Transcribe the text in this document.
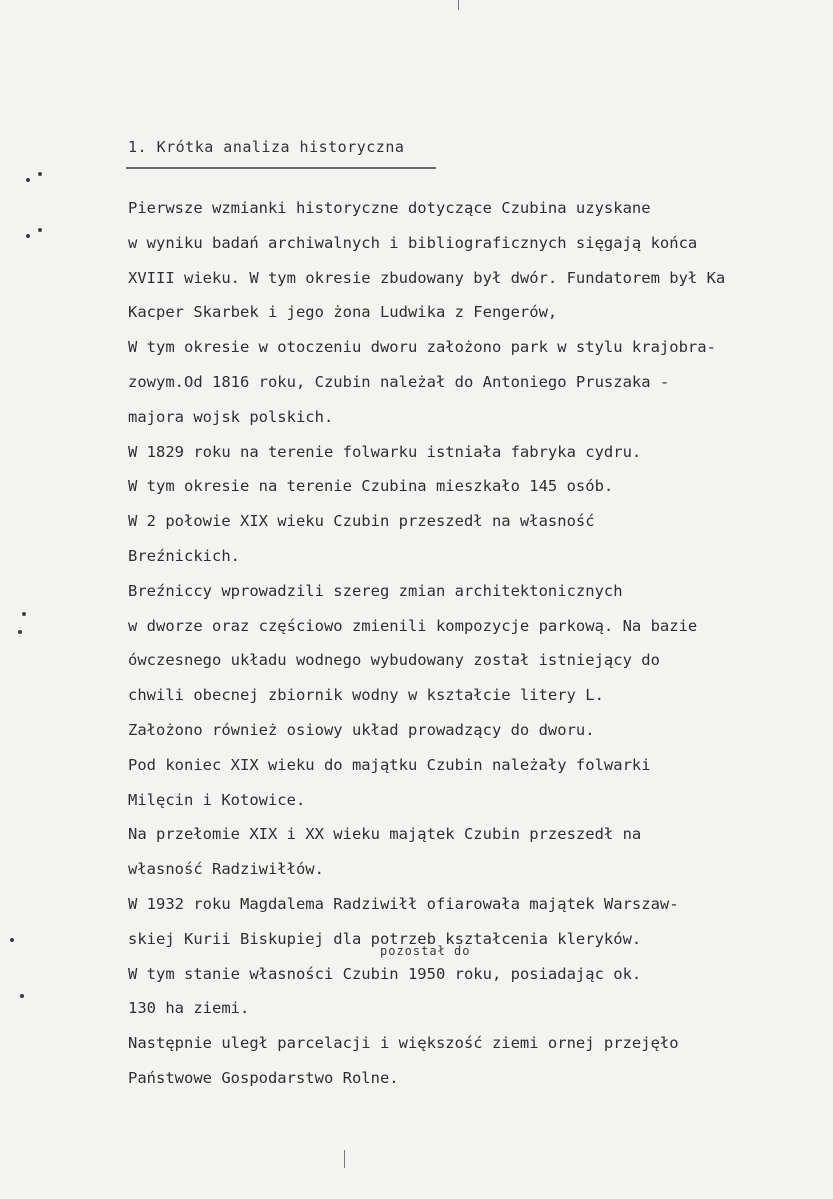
1. Krótka analiza historyczna
Pierwsze wzmianki historyczne dotyczące Czubina uzyskane
w wyniku badań archiwalnych i bibliograficznych sięgają końca
XVIII wieku. W tym okresie zbudowany był dwór. Fundatorem był Ka
Kacper Skarbek i jego żona Ludwika z Fengerów,
W tym okresie w otoczeniu dworu założono park w stylu krajobra-
zowym.Od 1816 roku, Czubin należał do Antoniego Pruszaka -
majora wojsk polskich.
W 1829 roku na terenie folwarku istniała fabryka cydru.
W tym okresie na terenie Czubina mieszkało 145 osób.
W 2 połowie XIX wieku Czubin przeszedł na własność
Breźnickich.
Breźniccy wprowadzili szereg zmian architektonicznych
w dworze oraz częściowo zmienili kompozycje parkową. Na bazie
ówczesnego układu wodnego wybudowany został istniejący do
chwili obecnej zbiornik wodny w kształcie litery L.
Założono również osiowy układ prowadzący do dworu.
Pod koniec XIX wieku do majątku Czubin należały folwarki
Milęcin i Kotowice.
Na przełomie XIX i XX wieku majątek Czubin przeszedł na
własność Radziwiłłów.
W 1932 roku Magdalema Radziwiłł ofiarowała majątek Warszaw-
skiej Kurii Biskupiej dla potrzeb kształcenia kleryków.
W tym stanie własności Czubin 1950 roku, posiadając ok.
130 ha ziemi.
Następnie uległ parcelacji i większość ziemi ornej przejęło
Państwowe Gospodarstwo Rolne.
pozostał do
